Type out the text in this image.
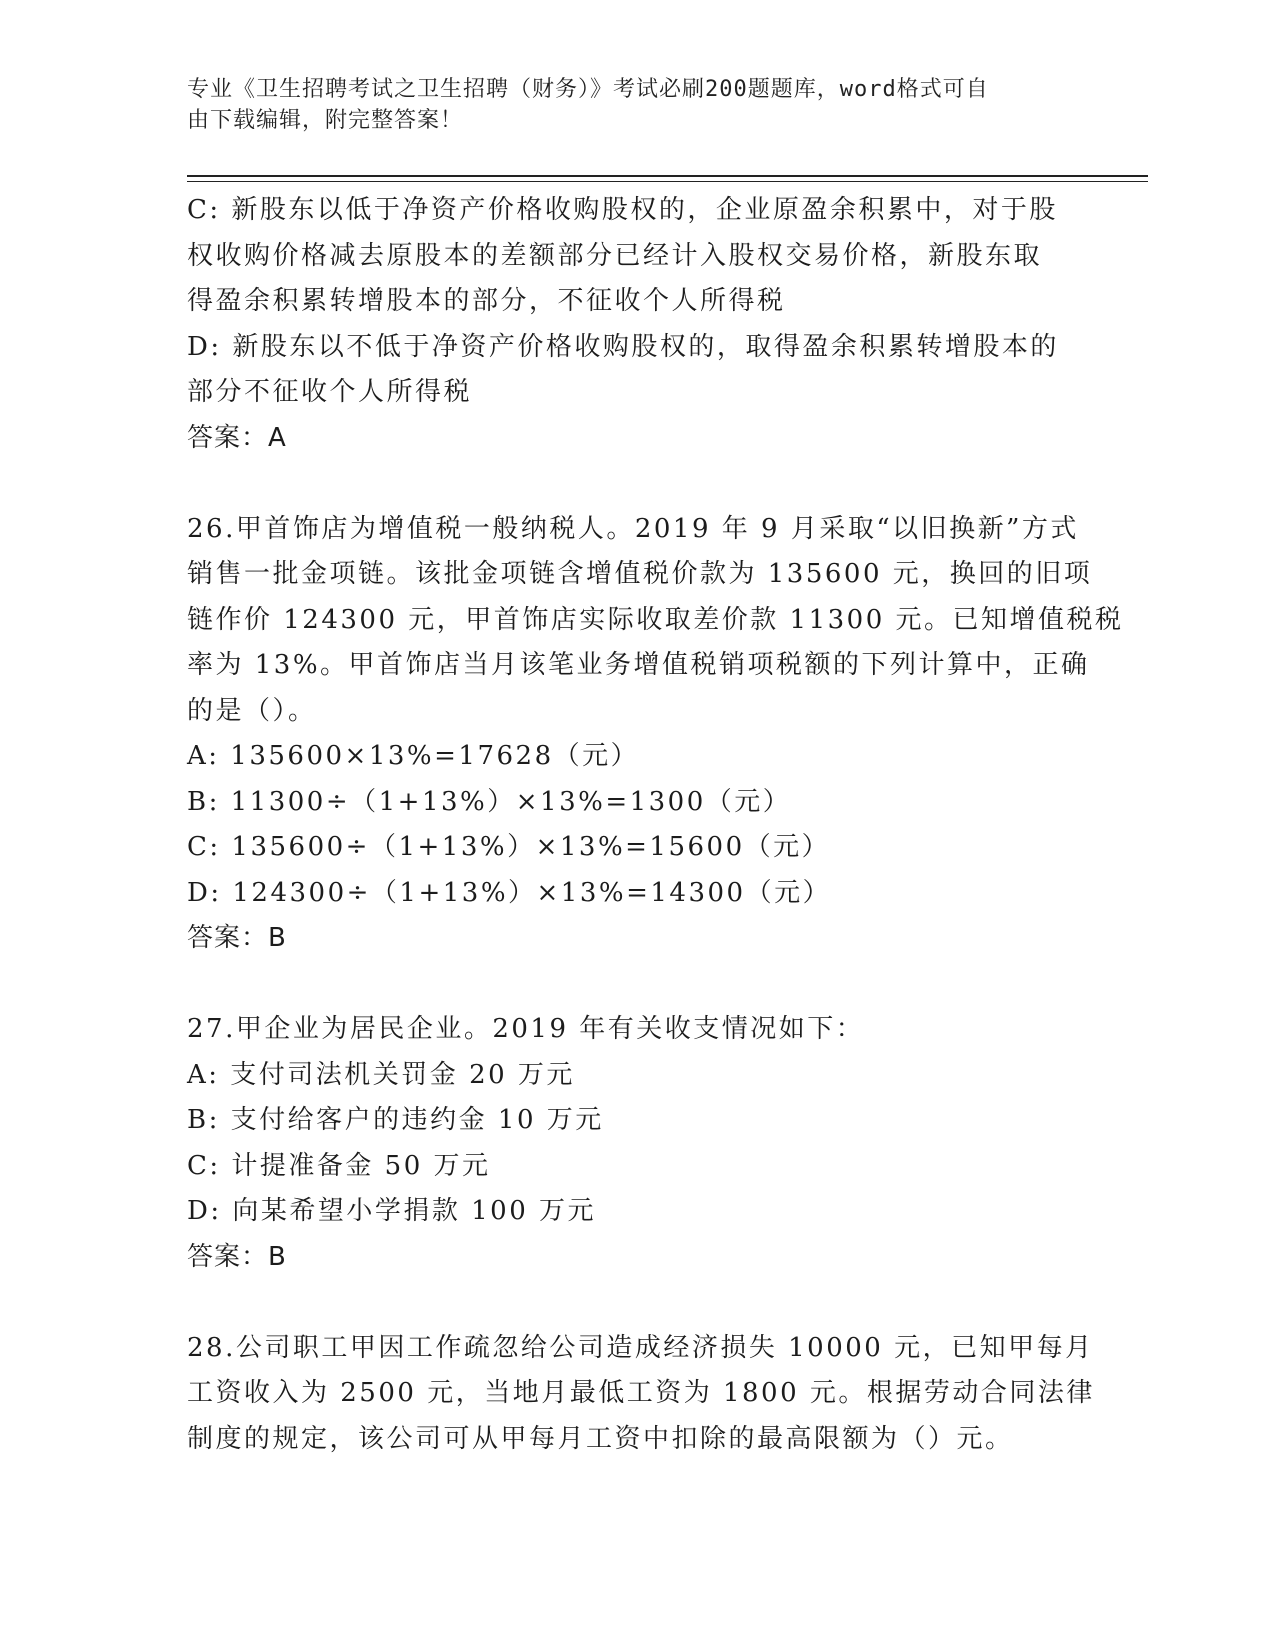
专业《卫生招聘考试之卫生招聘（财务）》考试必刷200题题库，word格式可自
由下载编辑，附完整答案！
C: 新股东以低于净资产价格收购股权的，企业原盈余积累中，对于股
权收购价格减去原股本的差额部分已经计入股权交易价格，新股东取
得盈余积累转增股本的部分，不征收个人所得税
D: 新股东以不低于净资产价格收购股权的，取得盈余积累转增股本的
部分不征收个人所得税
答案：A
26.甲首饰店为增值税一般纳税人。2019 年 9 月采取“以旧换新”方式
销售一批金项链。该批金项链含增值税价款为 135600 元，换回的旧项
链作价 124300 元，甲首饰店实际收取差价款 11300 元。已知增值税税
率为 13%。甲首饰店当月该笔业务增值税销项税额的下列计算中，正确
的是（）。
A: 135600×13%=17628（元）
B: 11300÷（1+13%）×13%=1300（元）
C: 135600÷（1+13%）×13%=15600（元）
D: 124300÷（1+13%）×13%=14300（元）
答案：B
27.甲企业为居民企业。2019 年有关收支情况如下：
A: 支付司法机关罚金 20 万元
B: 支付给客户的违约金 10 万元
C: 计提准备金 50 万元
D: 向某希望小学捐款 100 万元
答案：B
28.公司职工甲因工作疏忽给公司造成经济损失 10000 元，已知甲每月
工资收入为 2500 元，当地月最低工资为 1800 元。根据劳动合同法律
制度的规定，该公司可从甲每月工资中扣除的最高限额为（）元。
